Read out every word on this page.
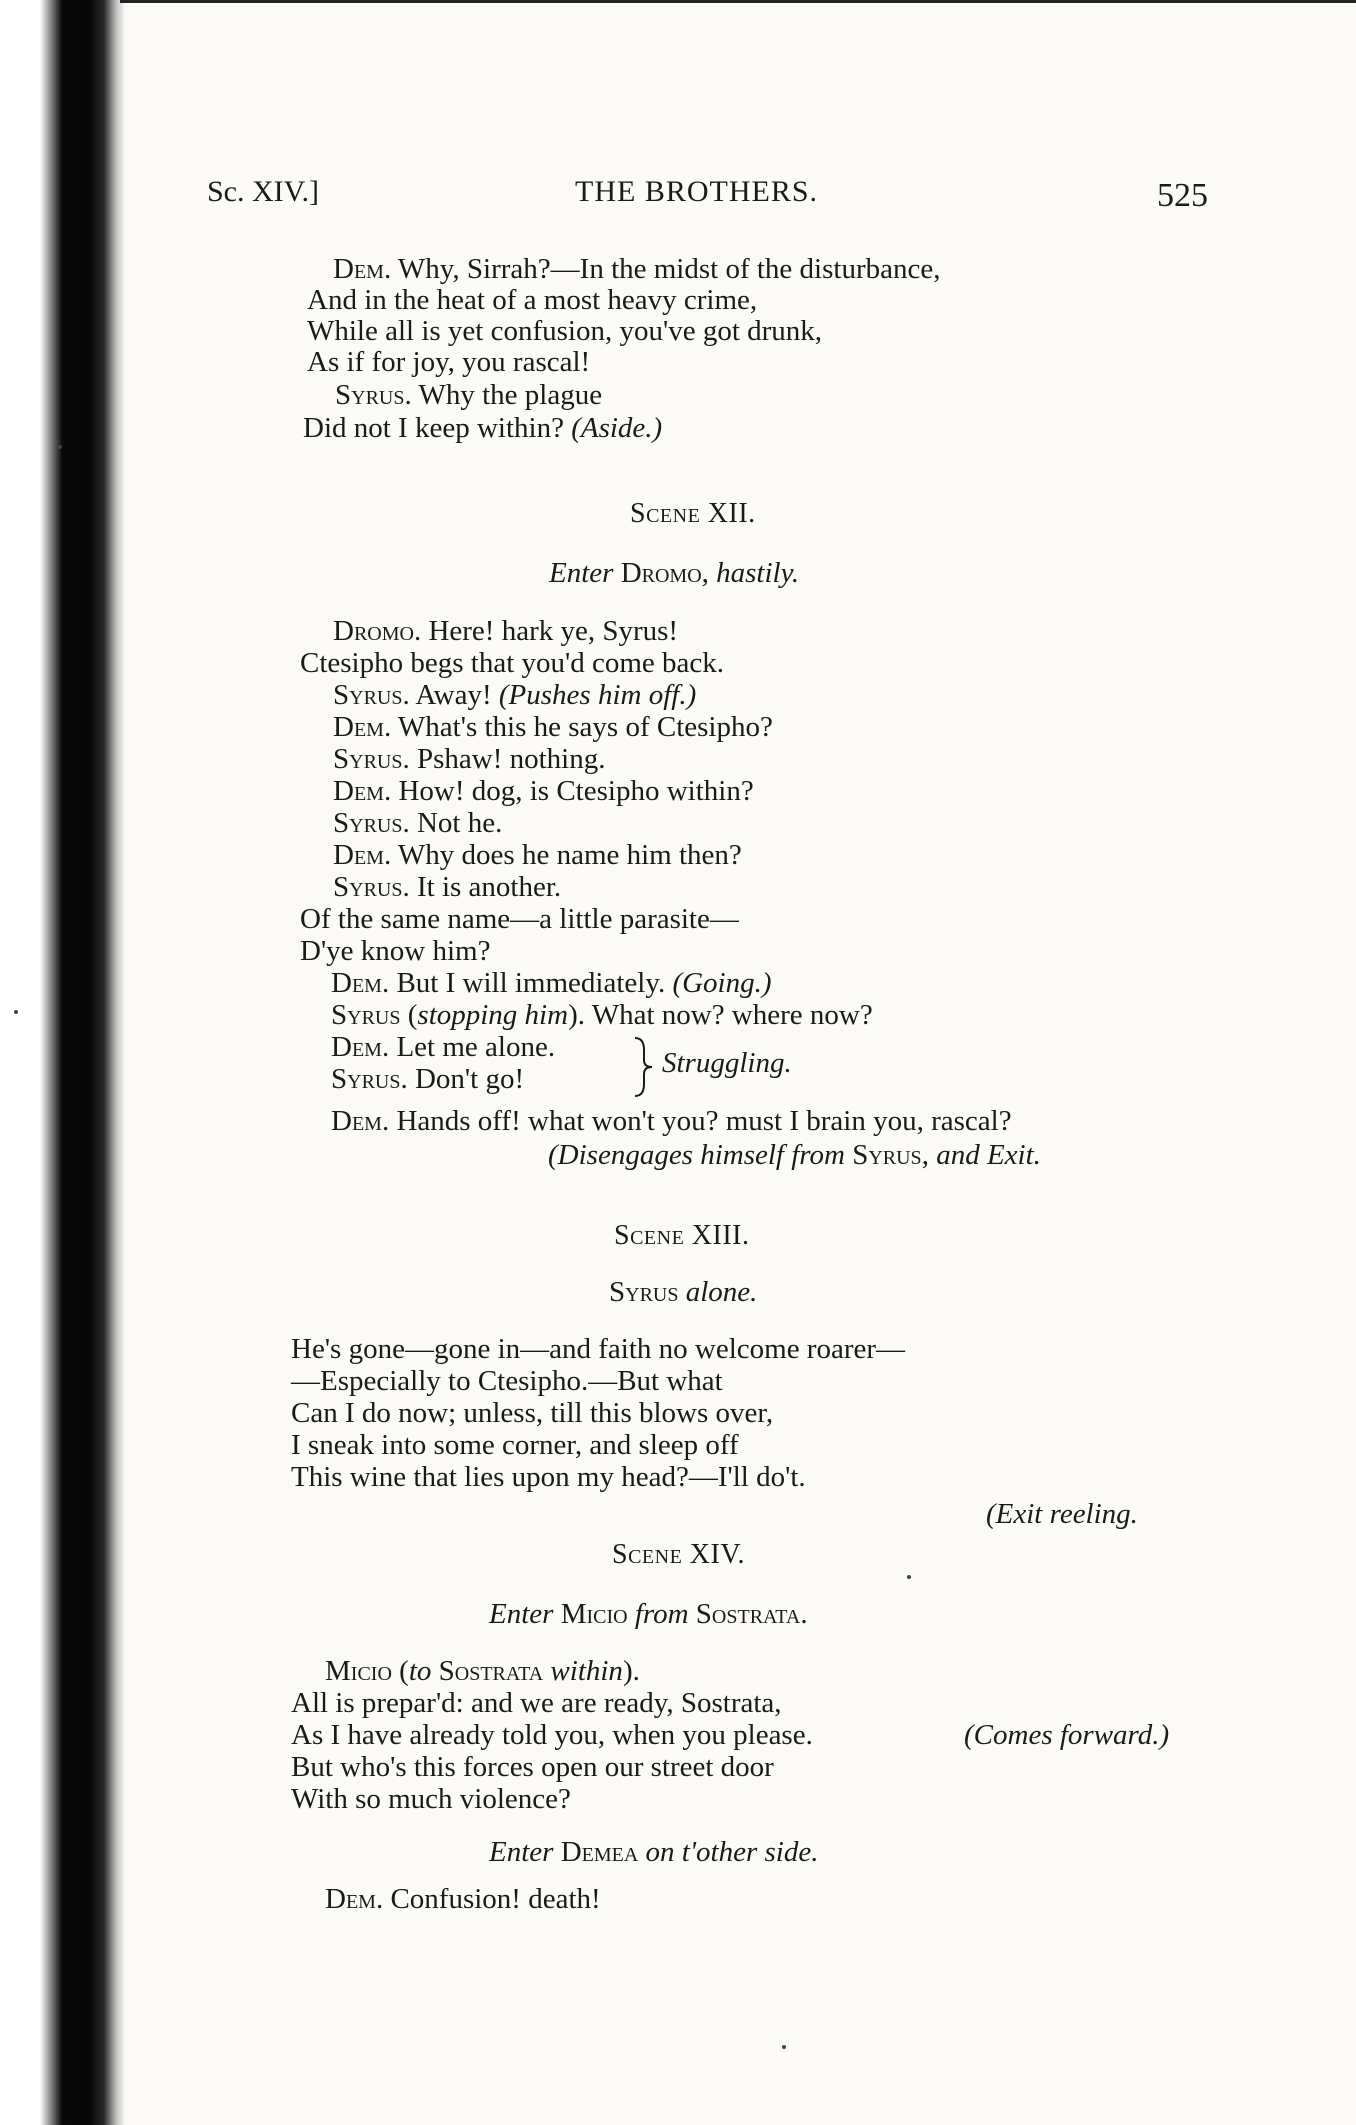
Sc. XIV.]	THE BROTHERS.	525
Dem. Why, Sirrah?—In the midst of the disturbance,
And in the heat of a most heavy crime,
While all is yet confusion, you've got drunk,
As if for joy, you rascal!
Syrus. Why the plague
Did not I keep within? (Aside.)
Scene XII.
Enter Dromo, hastily.
Dromo. Here! hark ye, Syrus!
Ctesipho begs that you'd come back.
Syrus. Away! (Pushes him off.)
Dem. What's this he says of Ctesipho?
Syrus. Pshaw! nothing.
Dem. How! dog, is Ctesipho within?
Syrus. Not he.
Dem. Why does he name him then?
Syrus. It is another.
Of the same name—a little parasite—
D'ye know him?
Dem. But I will immediately. (Going.)
Syrus (stopping him). What now? where now?
Dem. Let me alone.
Syrus. Don't go!	Struggling.
Dem. Hands off! what won't you? must I brain you, rascal?
(Disengages himself from Syrus, and Exit.
Scene XIII.
Syrus alone.
He's gone—gone in—and faith no welcome roarer—
—Especially to Ctesipho.—But what
Can I do now; unless, till this blows over,
I sneak into some corner, and sleep off
This wine that lies upon my head?—I'll do't.
(Exit reeling.
Scene XIV.
Enter Micio from Sostrata.
Micio (to Sostrata within).
All is prepar'd: and we are ready, Sostrata,
As I have already told you, when you please.	(Comes forward.)
But who's this forces open our street door
With so much violence?
Enter Demea on t'other side.
Dem. Confusion! death!
